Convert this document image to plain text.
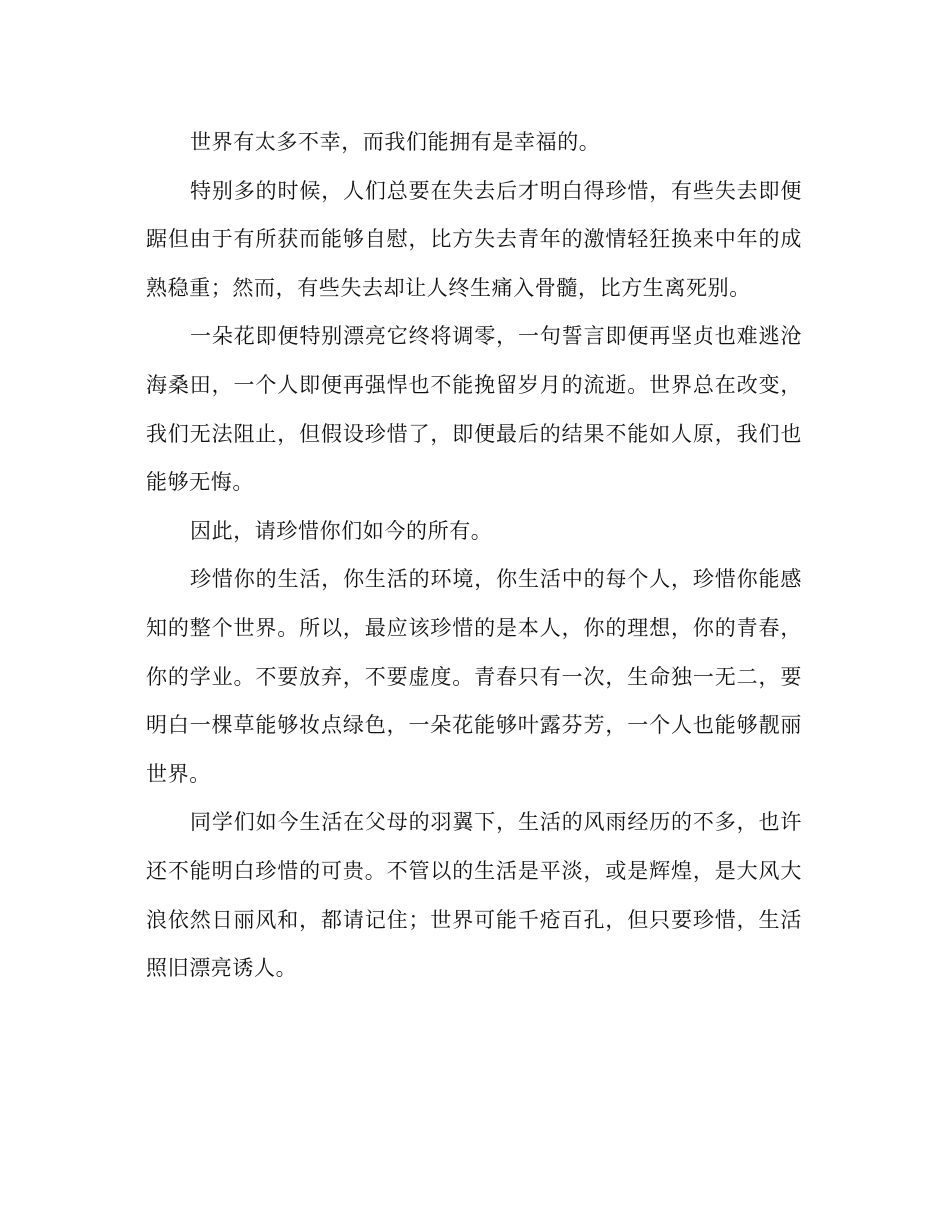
世界有太多不幸，而我们能拥有是幸福的。

特别多的时候，人们总要在失去后才明白得珍惜，有些失去即便踞但由于有所获而能够自慰，比方失去青年的激情轻狂换来中年的成熟稳重；然而，有些失去却让人终生痛入骨髓，比方生离死别。

一朵花即便特别漂亮它终将调零，一句誓言即便再坚贞也难逃沧海桑田，一个人即便再强悍也不能挽留岁月的流逝。世界总在改变，我们无法阻止，但假设珍惜了，即便最后的结果不能如人原，我们也能够无悔。

因此，请珍惜你们如今的所有。

珍惜你的生活，你生活的环境，你生活中的每个人，珍惜你能感知的整个世界。所以，最应该珍惜的是本人，你的理想，你的青春，你的学业。不要放弃，不要虚度。青春只有一次，生命独一无二，要明白一棵草能够妆点绿色，一朵花能够叶露芬芳，一个人也能够靓丽世界。

同学们如今生活在父母的羽翼下，生活的风雨经历的不多，也许还不能明白珍惜的可贵。不管以的生活是平淡，或是辉煌，是大风大浪依然日丽风和，都请记住；世界可能千疮百孔，但只要珍惜，生活照旧漂亮诱人。
